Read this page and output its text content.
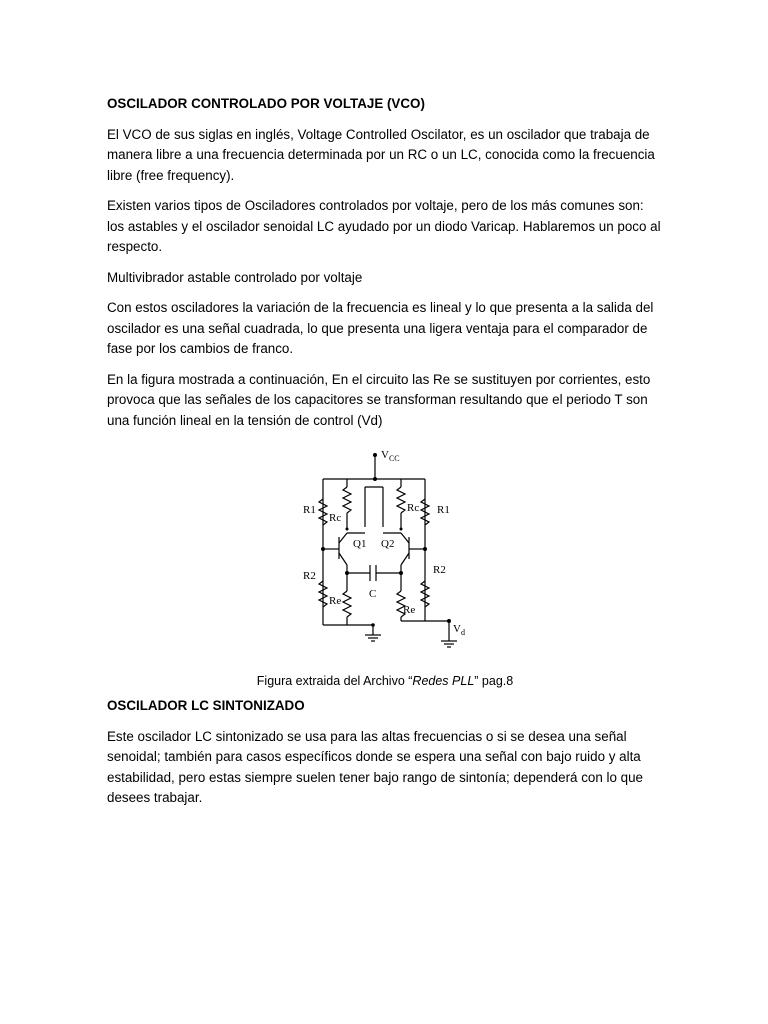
OSCILADOR CONTROLADO POR VOLTAJE (VCO)
El VCO de sus siglas en inglés, Voltage Controlled Oscilator, es un oscilador que trabaja de manera libre a una frecuencia determinada por un RC o un LC, conocida como la frecuencia libre (free frequency).
Existen varios tipos de Osciladores controlados por voltaje, pero de los más comunes son: los astables y el oscilador senoidal LC ayudado por un diodo Varicap. Hablaremos un poco al respecto.
Multivibrador astable controlado por voltaje
Con estos osciladores la variación de la frecuencia es lineal y lo que presenta a la salida del oscilador es una señal cuadrada, lo que presenta una ligera ventaja para el comparador de fase por los cambios de franco.
En la figura mostrada a continuación, En el circuito las Re se sustituyen por corrientes, esto provoca que las señales de los capacitores se transforman resultando que el periodo T son una función lineal en la tensión de control (Vd)
$V_{CC}$
R1	R1
Rc
Rc
Q1 Q2
R2	R2
C
Re
Re
$V_d$
Figura extraida del Archivo “Redes PLL” pag.8
OSCILADOR LC SINTONIZADO
Este oscilador LC sintonizado se usa para las altas frecuencias o si se desea una señal senoidal; también para casos específicos donde se espera una señal con bajo ruido y alta estabilidad, pero estas siempre suelen tener bajo rango de sintonía; dependerá con lo que desees trabajar.
